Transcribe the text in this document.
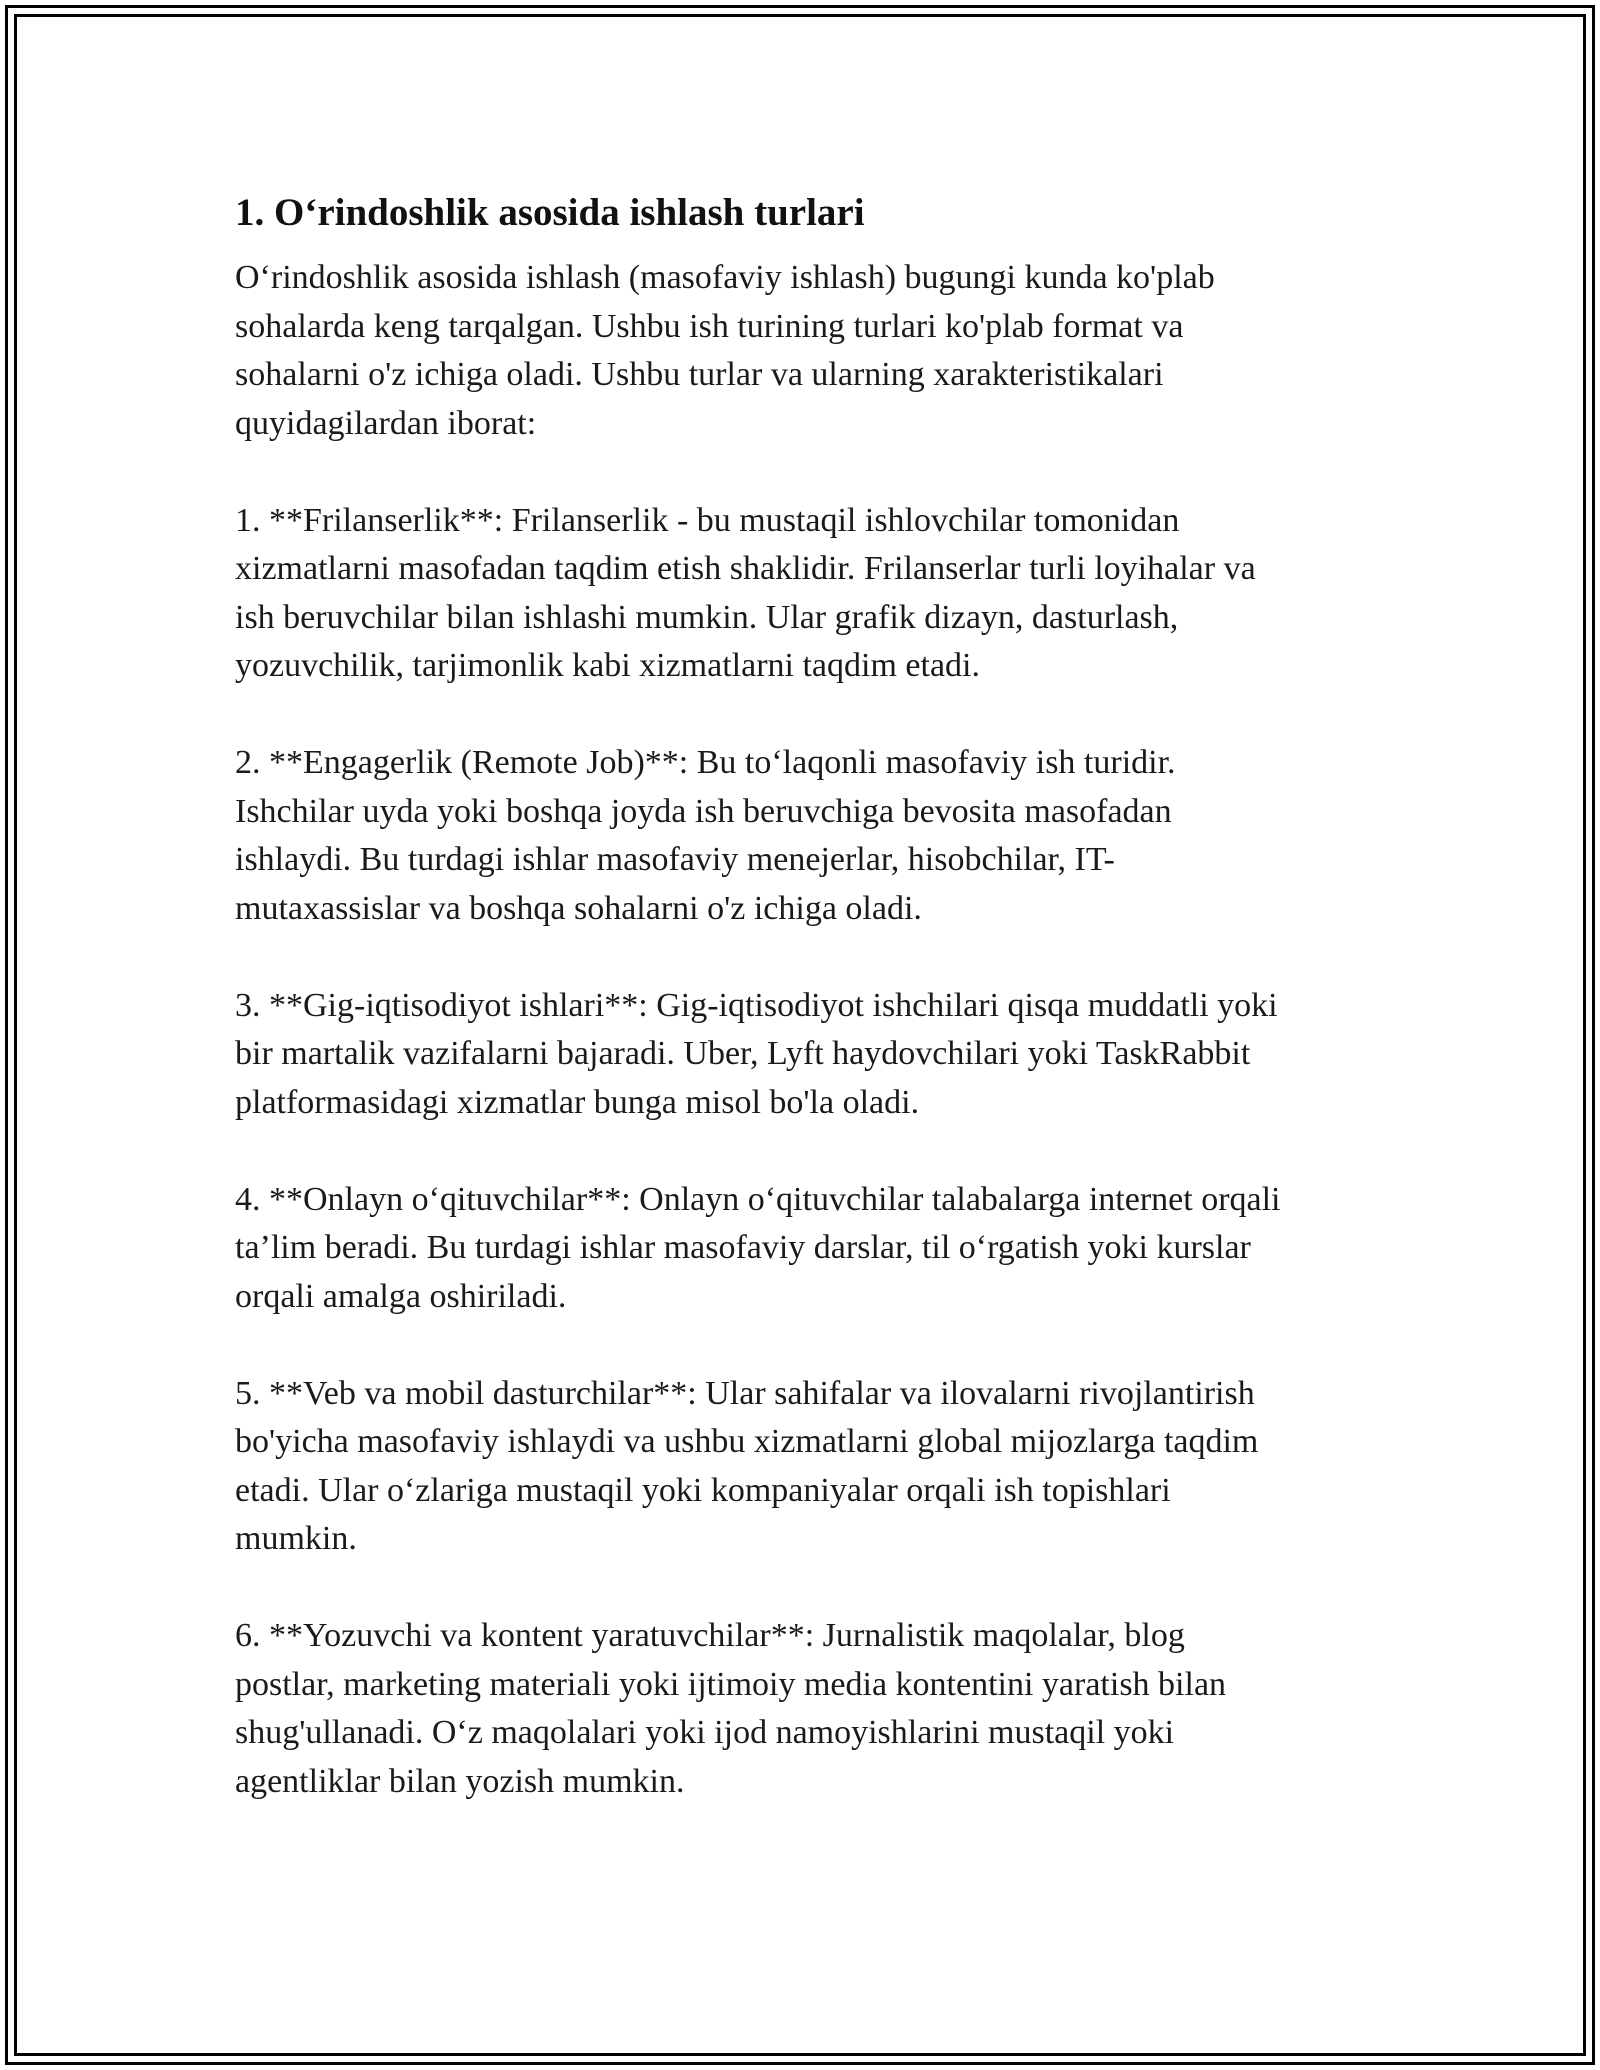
1. O‘rindoshlik asosida ishlash turlari

O‘rindoshlik asosida ishlash (masofaviy ishlash) bugungi kunda ko'plab
sohalarda keng tarqalgan. Ushbu ish turining turlari ko'plab format va
sohalarni o'z ichiga oladi. Ushbu turlar va ularning xarakteristikalari
quyidagilardan iborat:

1. **Frilanserlik**: Frilanserlik - bu mustaqil ishlovchilar tomonidan
xizmatlarni masofadan taqdim etish shaklidir. Frilanserlar turli loyihalar va
ish beruvchilar bilan ishlashi mumkin. Ular grafik dizayn, dasturlash,
yozuvchilik, tarjimonlik kabi xizmatlarni taqdim etadi.

2. **Engagerlik (Remote Job)**: Bu to‘laqonli masofaviy ish turidir.
Ishchilar uyda yoki boshqa joyda ish beruvchiga bevosita masofadan
ishlaydi. Bu turdagi ishlar masofaviy menejerlar, hisobchilar, IT-
mutaxassislar va boshqa sohalarni o'z ichiga oladi.

3. **Gig-iqtisodiyot ishlari**: Gig-iqtisodiyot ishchilari qisqa muddatli yoki
bir martalik vazifalarni bajaradi. Uber, Lyft haydovchilari yoki TaskRabbit
platformasidagi xizmatlar bunga misol bo'la oladi.

4. **Onlayn o‘qituvchilar**: Onlayn o‘qituvchilar talabalarga internet orqali
ta’lim beradi. Bu turdagi ishlar masofaviy darslar, til o‘rgatish yoki kurslar
orqali amalga oshiriladi.

5. **Veb va mobil dasturchilar**: Ular sahifalar va ilovalarni rivojlantirish
bo'yicha masofaviy ishlaydi va ushbu xizmatlarni global mijozlarga taqdim
etadi. Ular o‘zlariga mustaqil yoki kompaniyalar orqali ish topishlari
mumkin.

6. **Yozuvchi va kontent yaratuvchilar**: Jurnalistik maqolalar, blog
postlar, marketing materiali yoki ijtimoiy media kontentini yaratish bilan
shug'ullanadi. O‘z maqolalari yoki ijod namoyishlarini mustaqil yoki
agentliklar bilan yozish mumkin.
